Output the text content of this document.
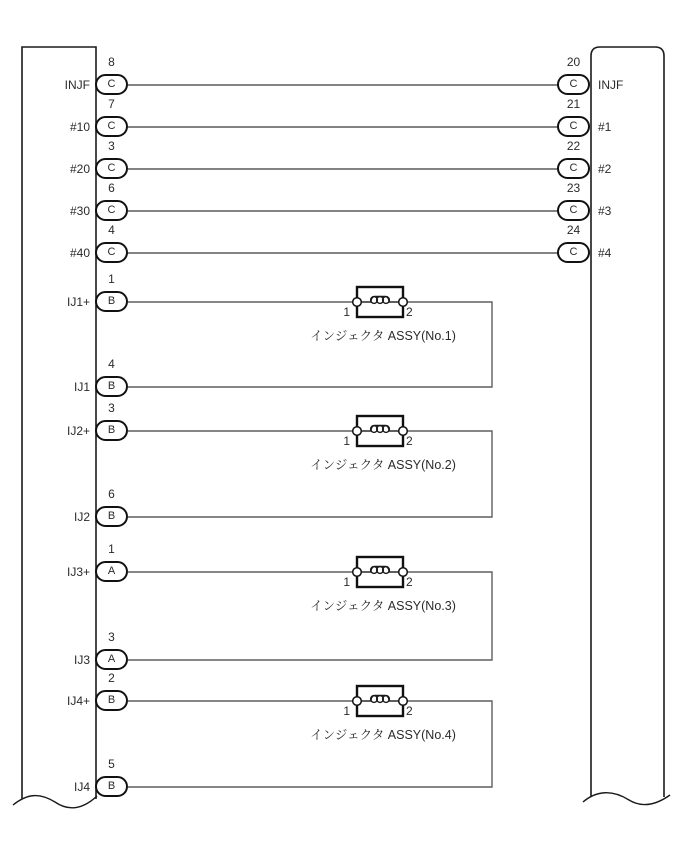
INJF
8
C
#10
7
C
#20
3
C
#30
6
C
#40
4
C
IJ1+
1
B
IJ1
4
B
IJ2+
3
B
IJ2
6
B
IJ3+
1
A
IJ3
3
A
IJ4+
2
B
IJ4
5
B
20
C	INJF
21
C	#1
22
C	#2
23
C	#3
24
C	#4
1	2
インジェクタ ASSY(No.1)
1	2
インジェクタ ASSY(No.2)
1	2
インジェクタ ASSY(No.3)
1	2
インジェクタ ASSY(No.4)
